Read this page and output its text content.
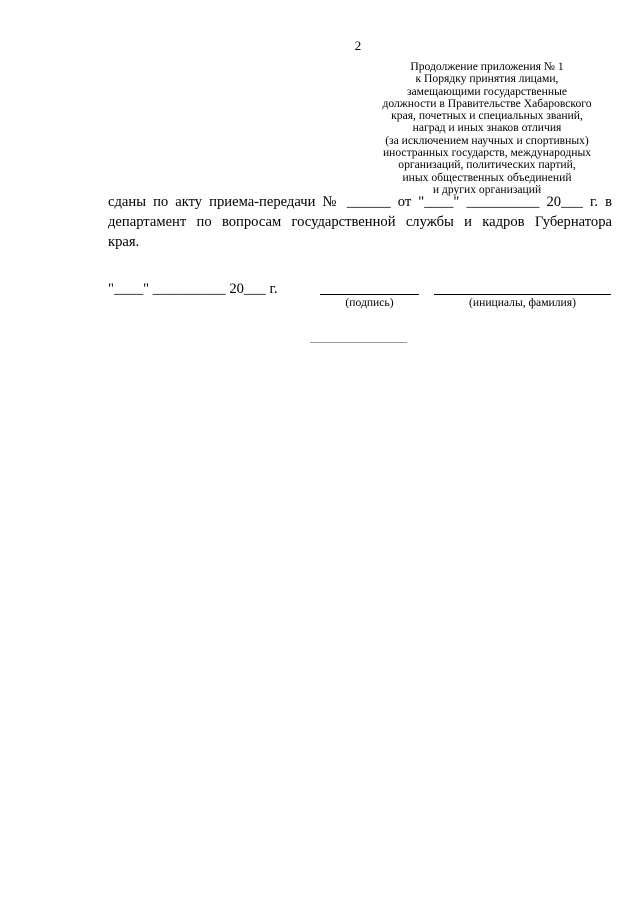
2
Продолжение приложения № 1
к Порядку принятия лицами,
замещающими государственные
должности в Правительстве Хабаровского
края, почетных и специальных званий,
наград и иных знаков отличия
(за исключением научных и спортивных)
иностранных государств, международных
организаций, политических партий,
иных общественных объединений
и других организаций
сданы по акту приема-передачи № ______ от "____" __________ 20___ г. в
департамент по вопросам государственной службы и кадров Губернатора
края.
"____" __________ 20___ г.
(подпись)	(инициалы, фамилия)
